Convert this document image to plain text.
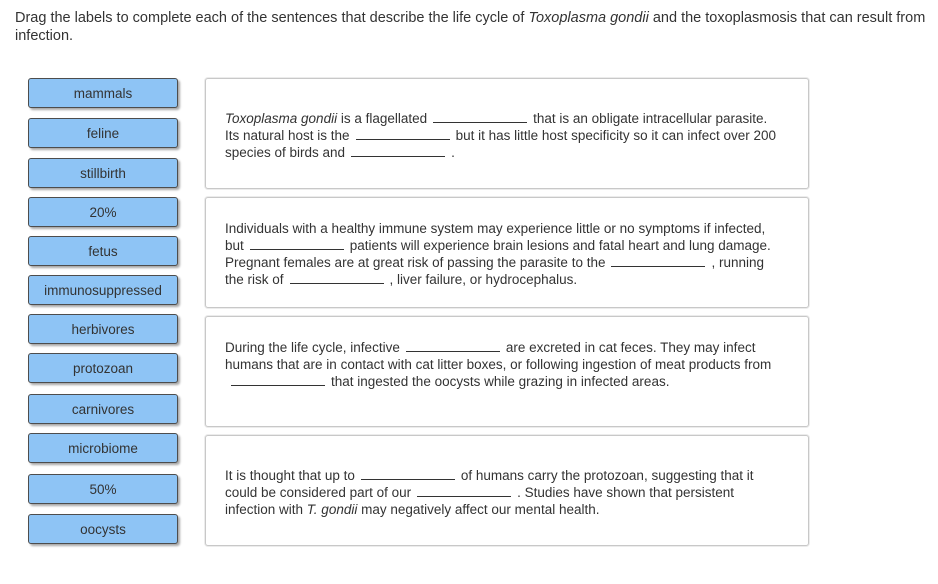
Drag the labels to complete each of the sentences that describe the life cycle of Toxoplasma gondii and the toxoplasmosis that can result from infection.
mammals
feline
stillbirth
20%
fetus
immunosuppressed
herbivores
protozoan
carnivores
microbiome
50%
oocysts
Toxoplasma gondii is a flagellated	that is an obligate intracellular parasite. Its natural host is the	but it has little host specificity so it can infect over 200 species of birds and	.
Individuals with a healthy immune system may experience little or no symptoms if infected, but	patients will experience brain lesions and fatal heart and lung damage. Pregnant females are at great risk of passing the parasite to the	, running the risk of	, liver failure, or hydrocephalus.
During the life cycle, infective	are excreted in cat feces. They may infect humans that are in contact with cat litter boxes, or following ingestion of meat products fromthat ingested the oocysts while grazing in infected areas.
It is thought that up to	of humans carry the protozoan, suggesting that it could be considered part of our	. Studies have shown that persistent infection with T. gondii may negatively affect our mental health.
